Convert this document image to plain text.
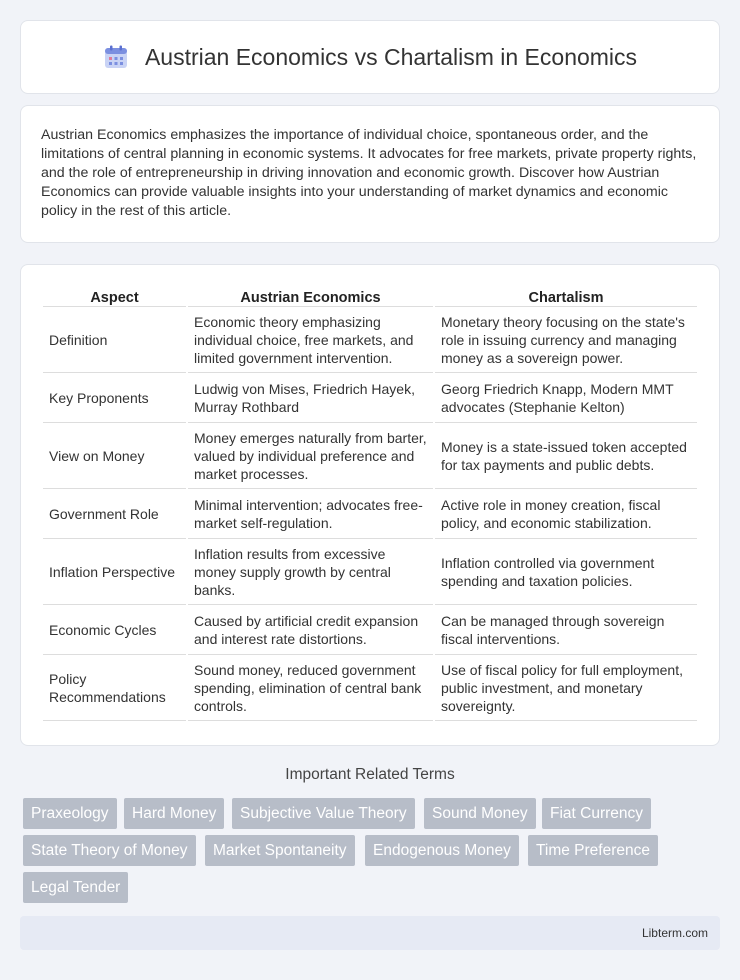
Austrian Economics vs Chartalism in Economics

Austrian Economics emphasizes the importance of individual choice, spontaneous order, and the limitations of central planning in economic systems. It advocates for free markets, private property rights, and the role of entrepreneurship in driving innovation and economic growth. Discover how Austrian Economics can provide valuable insights into your understanding of market dynamics and economic policy in the rest of this article.

Aspect	Austrian Economics	Chartalism
Definition	Economic theory emphasizing individual choice, free markets, and limited government intervention.	Monetary theory focusing on the state's role in issuing currency and managing money as a sovereign power.
Key Proponents	Ludwig von Mises, Friedrich Hayek, Murray Rothbard	Georg Friedrich Knapp, Modern MMT advocates (Stephanie Kelton)
View on Money	Money emerges naturally from barter, valued by individual preference and market processes.	Money is a state-issued token accepted for tax payments and public debts.
Government Role	Minimal intervention; advocates free-market self-regulation.	Active role in money creation, fiscal policy, and economic stabilization.
Inflation Perspective	Inflation results from excessive money supply growth by central banks.	Inflation controlled via government spending and taxation policies.
Economic Cycles	Caused by artificial credit expansion and interest rate distortions.	Can be managed through sovereign fiscal interventions.
Policy Recommendations	Sound money, reduced government spending, elimination of central bank controls.	Use of fiscal policy for full employment, public investment, and monetary sovereignty.
Important Related Terms
Praxeology	Hard Money	Subjective Value Theory	Sound Money	Fiat Currency
State Theory of Money	Market Spontaneity	Endogenous Money	Time Preference
Legal Tender
Libterm.com
